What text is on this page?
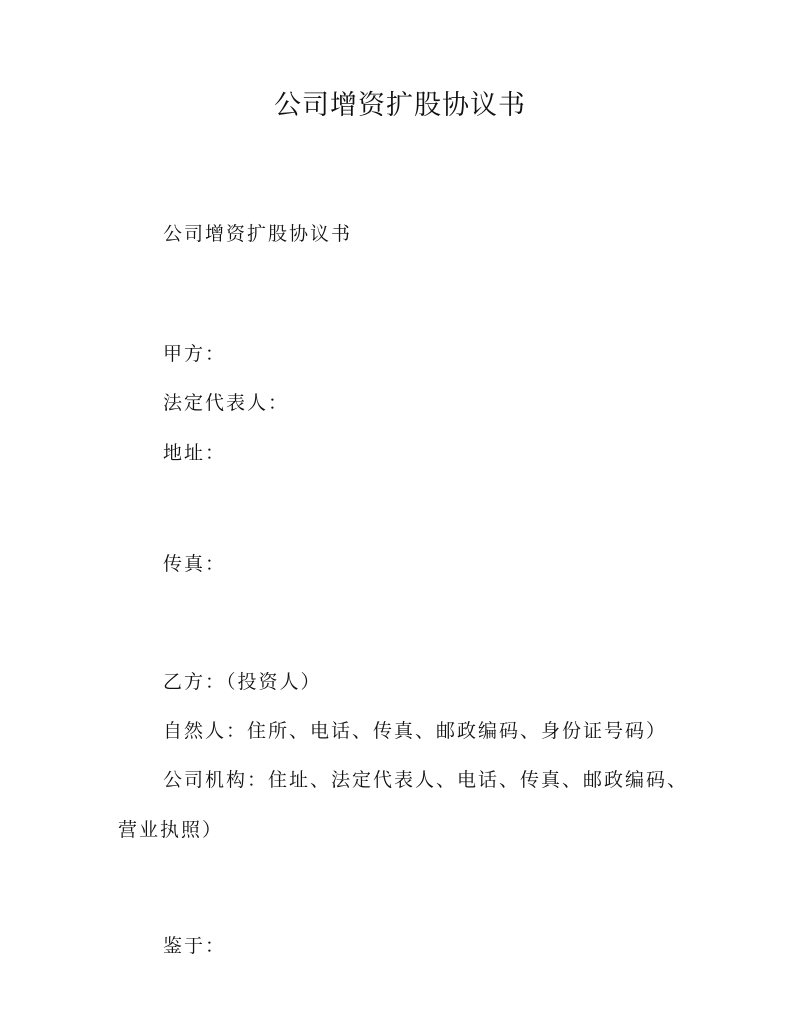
公司增资扩股协议书
公司增资扩股协议书
甲方：
法定代表人：
地址：
传真：
乙方：（投资人）
自然人：住所、电话、传真、邮政编码、身份证号码）
公司机构：住址、法定代表人、电话、传真、邮政编码、
营业执照）
鉴于：
